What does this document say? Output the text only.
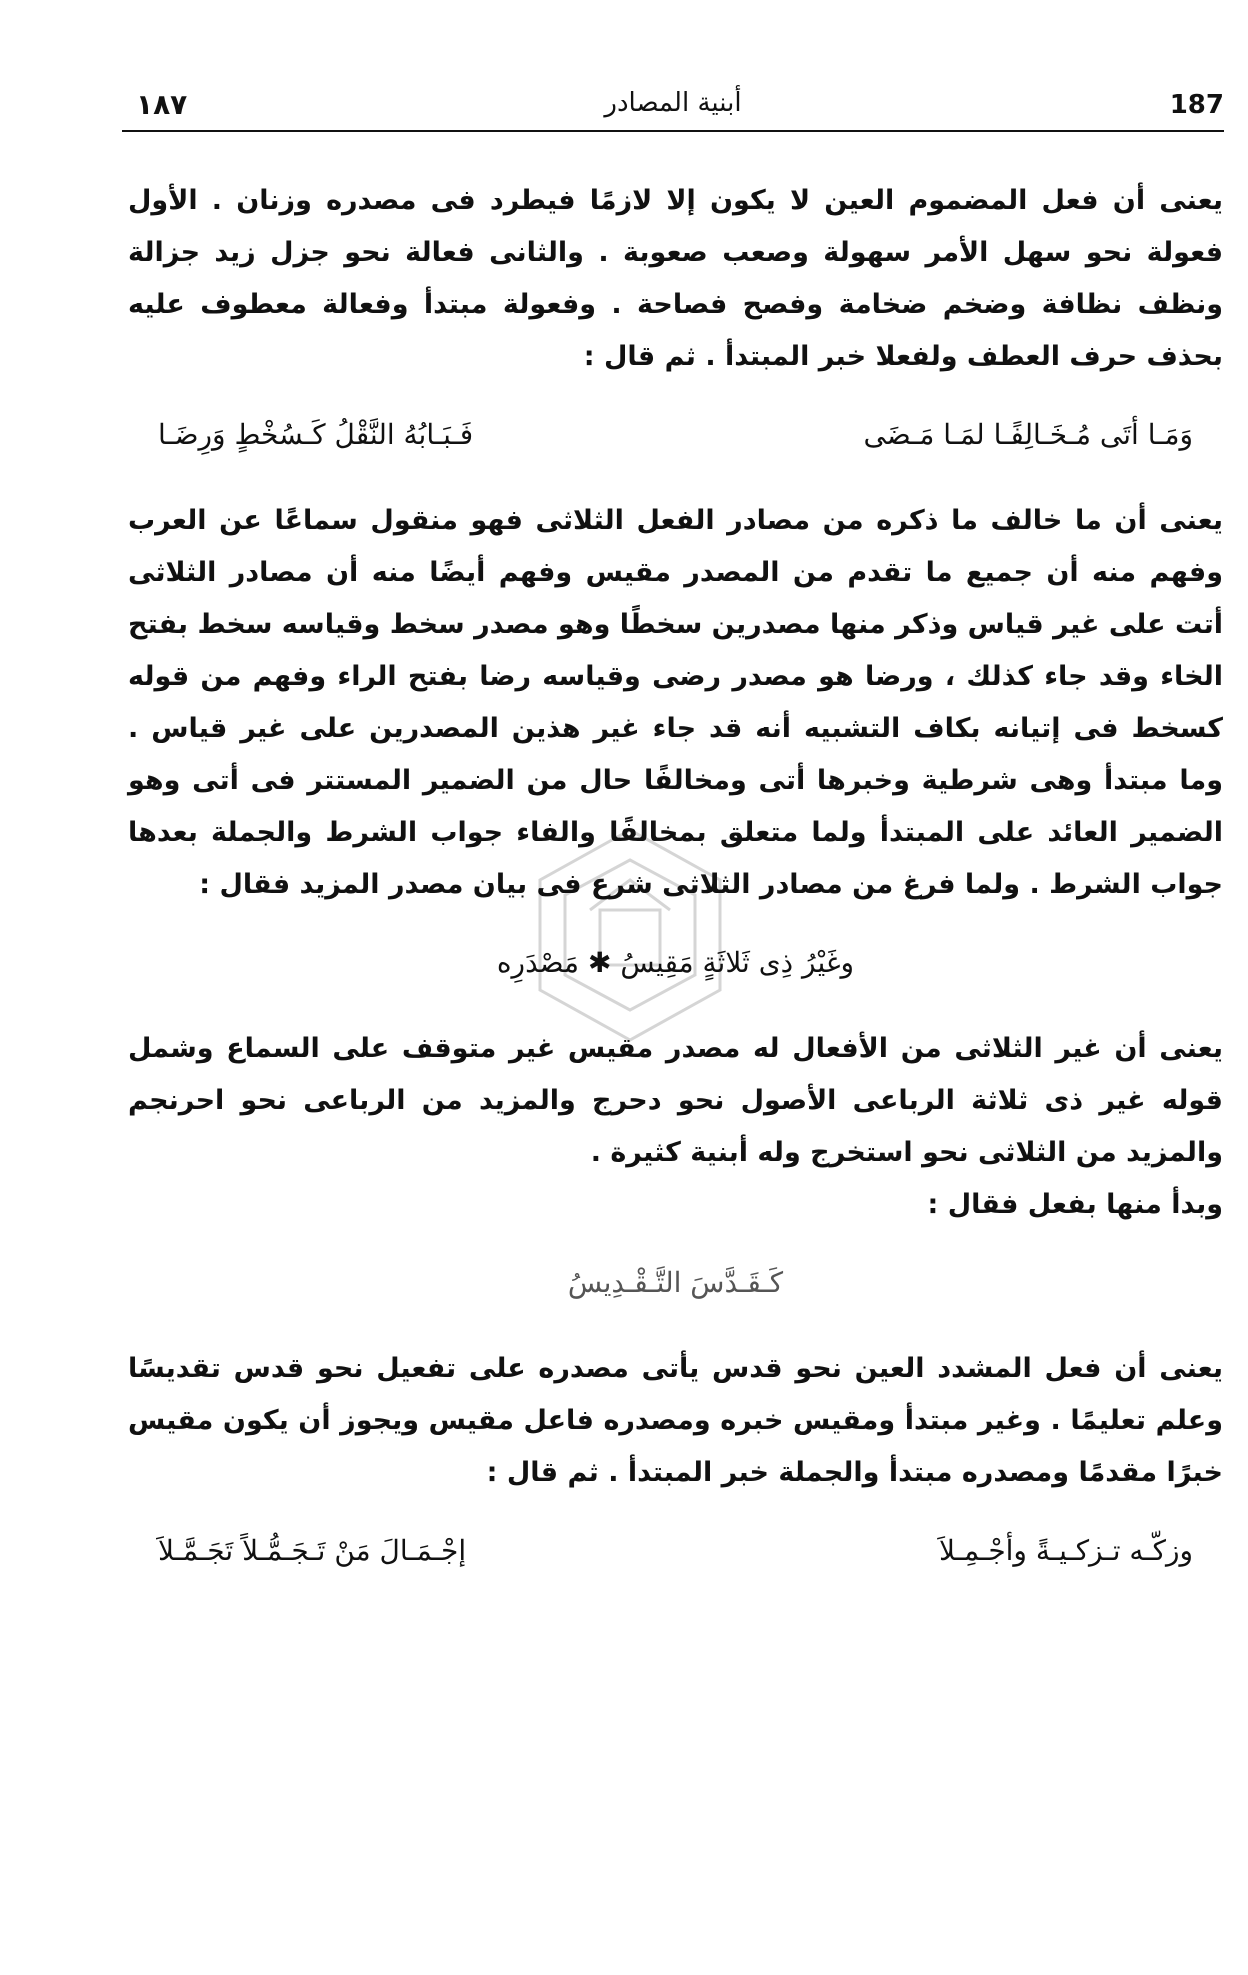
١٨٧	أبنية المصادر	187

يعنى أن فعل المضموم العين لا يكون إلا لازمًا فيطرد فى مصدره وزنان . الأول فعولة نحو سهل الأمر سهولة وصعب صعوبة . والثانى فعالة نحو جزل زيد جزالة ونظف نظافة وضخم ضخامة وفصح فصاحة . وفعولة مبتدأ وفعالة معطوف عليه بحذف حرف العطف ولفعلا خبر المبتدأ . ثم قال :

وَمَـا أتَى مُـخَـالِفًـا لمَـا مَـضَى
فَـبَـابُهُ النَّقْلُ كَـسُخْطٍ وَرِضَـا

يعنى أن ما خالف ما ذكره من مصادر الفعل الثلاثى فهو منقول سماعًا عن العرب وفهم منه أن جميع ما تقدم من المصدر مقيس وفهم أيضًا منه أن مصادر الثلاثى أتت على غير قياس وذكر منها مصدرين سخطًا وهو مصدر سخط وقياسه سخط بفتح الخاء وقد جاء كذلك ، ورضا هو مصدر رضى وقياسه رضا بفتح الراء وفهم من قوله كسخط فى إتيانه بكاف التشبيه أنه قد جاء غير هذين المصدرين على غير قياس . وما مبتدأ وهى شرطية وخبرها أتى ومخالفًا حال من الضمير المستتر فى أتى وهو الضمير العائد على المبتدأ ولما متعلق بمخالفًا والفاء جواب الشرط والجملة بعدها جواب الشرط . ولما فرغ من مصادر الثلاثى شرع فى بيان مصدر المزيد فقال :

وغَيْرُ ذِى ثَلاثَةٍ مَقِيسُ ✱ مَصْدَرِه

يعنى أن غير الثلاثى من الأفعال له مصدر مقيس غير متوقف على السماع وشمل قوله غير ذى ثلاثة الرباعى الأصول نحو دحرج والمزيد من الرباعى نحو احرنجم والمزيد من الثلاثى نحو استخرج وله أبنية كثيرة .

وبدأ منها بفعل فقال :

كَـقَـدَّسَ التَّـقْـدِيسُ

يعنى أن فعل المشدد العين نحو قدس يأتى مصدره على تفعيل نحو قدس تقديسًا وعلم تعليمًا . وغير مبتدأ ومقيس خبره ومصدره فاعل مقيس ويجوز أن يكون مقيس خبرًا مقدمًا ومصدره مبتدأ والجملة خبر المبتدأ . ثم قال :

وزكّـه تـزكـيـةً وأجْـمِـلاَ
إجْـمَـالَ مَنْ تَـجَـمُّـلاً تَجَـمَّـلاَ
